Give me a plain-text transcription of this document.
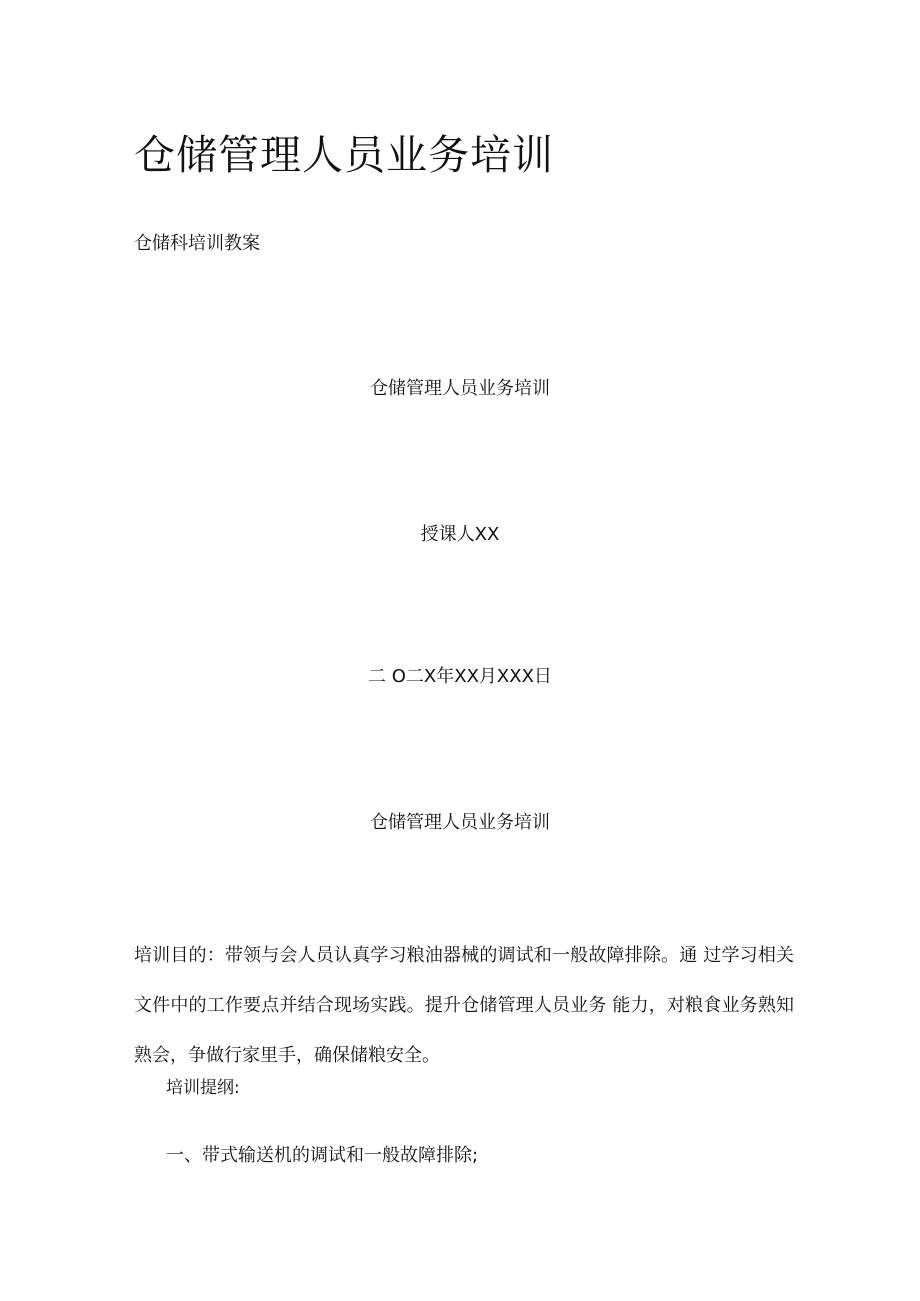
仓储管理人员业务培训

仓储科培训教案

仓储管理人员业务培训

授课人XX

二 O二X年XX月XXX日

仓储管理人员业务培训

培训目的：带领与会人员认真学习粮油器械的调试和一般故障排除。通 过学习相关文件中的工作要点并结合现场实践。提升仓储管理人员业务 能力，对粮食业务熟知熟会，争做行家里手，确保储粮安全。

培训提纲:

一、带式输送机的调试和一般故障排除;
